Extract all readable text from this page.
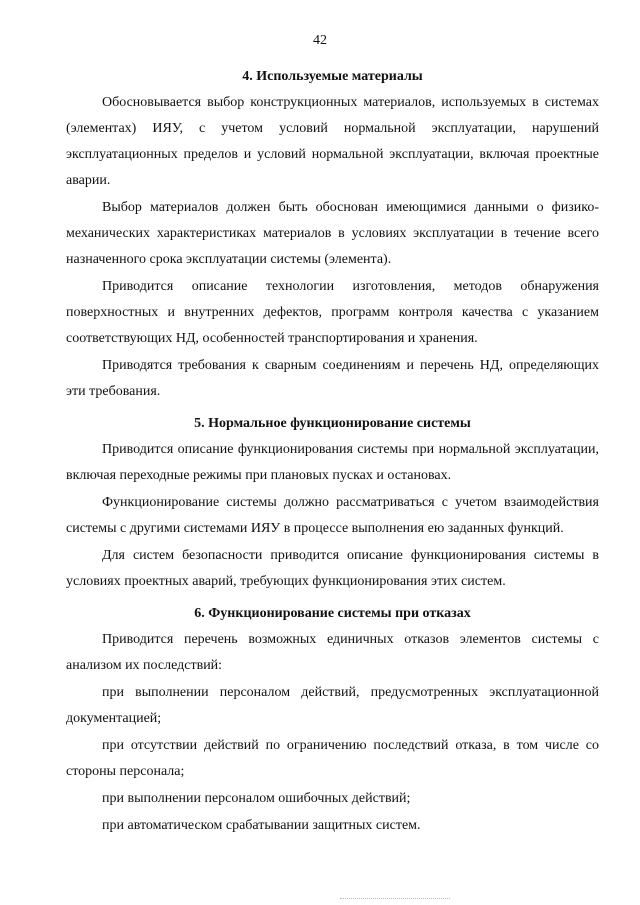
42

4. Используемые материалы

Обосновывается выбор конструкционных материалов, используемых в системах (элементах) ИЯУ, с учетом условий нормальной эксплуатации, нарушений эксплуатационных пределов и условий нормальной эксплуатации, включая проектные аварии.

Выбор материалов должен быть обоснован имеющимися данными о физико-механических характеристиках материалов в условиях эксплуатации в течение всего назначенного срока эксплуатации системы (элемента).

Приводится описание технологии изготовления, методов обнаружения поверхностных и внутренних дефектов, программ контроля качества с указанием соответствующих НД, особенностей транспортирования и хранения.

Приводятся требования к сварным соединениям и перечень НД, определяющих эти требования.

5. Нормальное функционирование системы

Приводится описание функционирования системы при нормальной эксплуатации, включая переходные режимы при плановых пусках и остановах.

Функционирование системы должно рассматриваться с учетом взаимодействия системы с другими системами ИЯУ в процессе выполнения ею заданных функций.

Для систем безопасности приводится описание функционирования системы в условиях проектных аварий, требующих функционирования этих систем.

6. Функционирование системы при отказах

Приводится перечень возможных единичных отказов элементов системы с анализом их последствий:

при выполнении персоналом действий, предусмотренных эксплуатационной документацией;

при отсутствии действий по ограничению последствий отказа, в том числе со стороны персонала;

при выполнении персоналом ошибочных действий;

при автоматическом срабатывании защитных систем.
